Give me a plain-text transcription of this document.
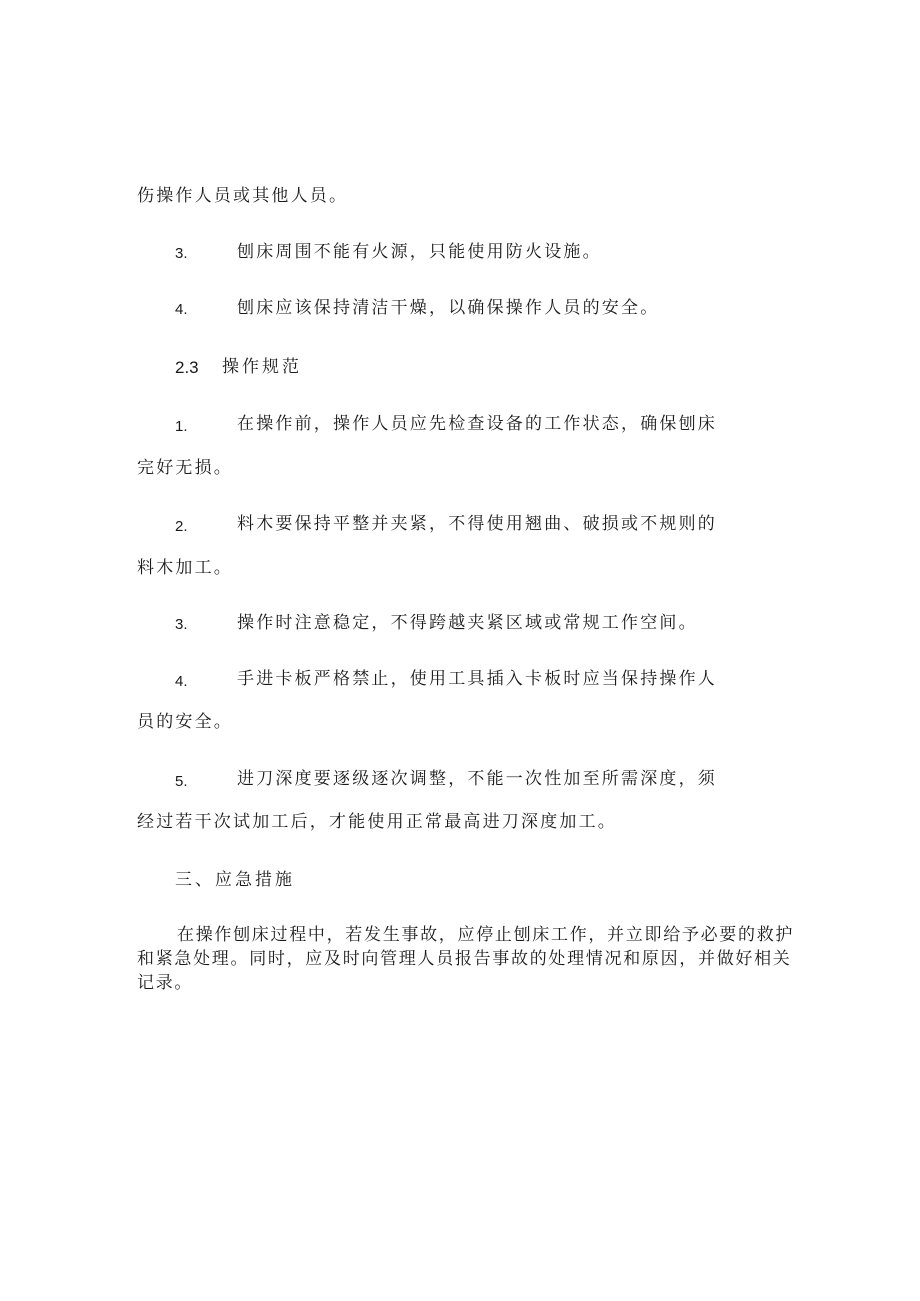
伤操作人员或其他人员。
3.	刨床周围不能有火源，只能使用防火设施。
4.	刨床应该保持清洁干燥，以确保操作人员的安全。
2.3 操作规范
1.	在操作前，操作人员应先检查设备的工作状态，确保刨床
完好无损。
2.	料木要保持平整并夹紧，不得使用翘曲、破损或不规则的
料木加工。
3.	操作时注意稳定，不得跨越夹紧区域或常规工作空间。
4.	手进卡板严格禁止，使用工具插入卡板时应当保持操作人
员的安全。
5.	进刀深度要逐级逐次调整，不能一次性加至所需深度，须
经过若干次试加工后，才能使用正常最高进刀深度加工。
三、应急措施
在操作刨床过程中，若发生事故，应停止刨床工作，并立即给予必要的救护和紧急处理。同时，应及时向管理人员报告事故的处理情况和原因，并做好相关记录。
